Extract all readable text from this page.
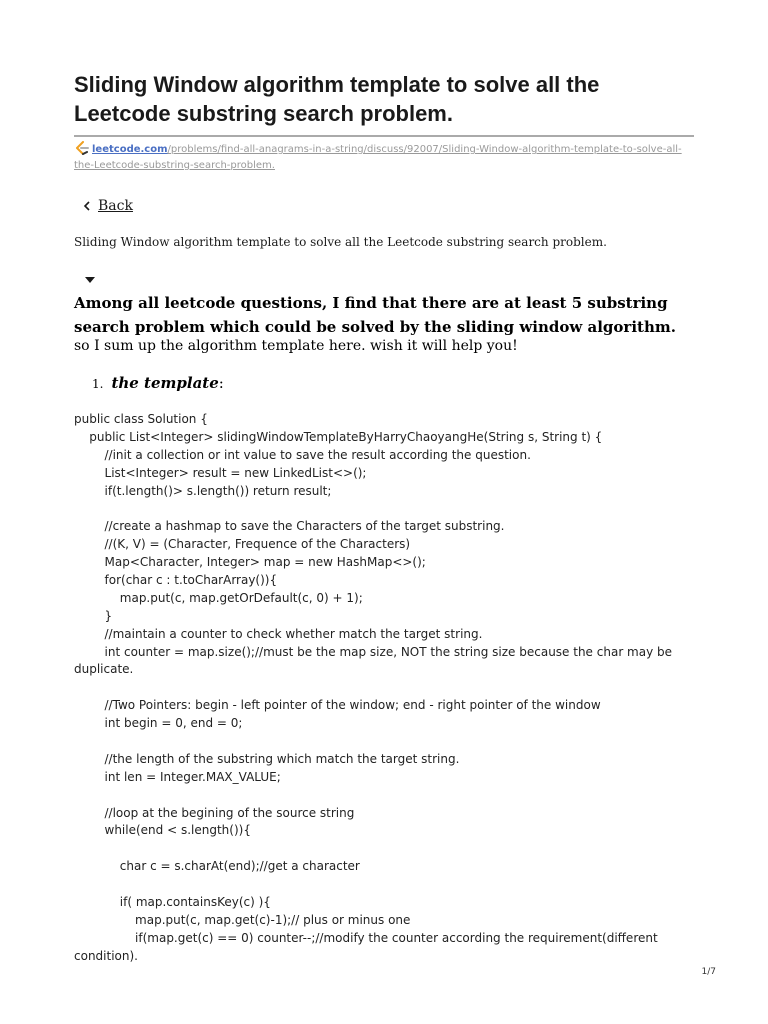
Sliding Window algorithm template to solve all the Leetcode substring search problem.
leetcode.com/problems/find-all-anagrams-in-a-string/discuss/92007/Sliding-Window-algorithm-template-to-solve-all-the-Leetcode-substring-search-problem.
Back
Sliding Window algorithm template to solve all the Leetcode substring search problem.
Among all leetcode questions, I find that there are at least 5 substring search problem which could be solved by the sliding window algorithm.
so I sum up the algorithm template here. wish it will help you!
1. the template:
public class Solution {
public List<Integer> slidingWindowTemplateByHarryChaoyangHe(String s, String t) {
//init a collection or int value to save the result according the question.
List<Integer> result = new LinkedList<>();
if(t.length()> s.length()) return result;

//create a hashmap to save the Characters of the target substring.
//(K, V) = (Character, Frequence of the Characters)
Map<Character, Integer> map = new HashMap<>();
for(char c : t.toCharArray()){
map.put(c, map.getOrDefault(c, 0) + 1);
}
//maintain a counter to check whether match the target string.
int counter = map.size();//must be the map size, NOT the string size because the char may be
duplicate.

//Two Pointers: begin - left pointer of the window; end - right pointer of the window
int begin = 0, end = 0;

//the length of the substring which match the target string.
int len = Integer.MAX_VALUE;

//loop at the begining of the source string
while(end < s.length()){

char c = s.charAt(end);//get a character

if( map.containsKey(c) ){
map.put(c, map.get(c)-1);// plus or minus one
if(map.get(c) == 0) counter--;//modify the counter according the requirement(different
condition).
1/7
